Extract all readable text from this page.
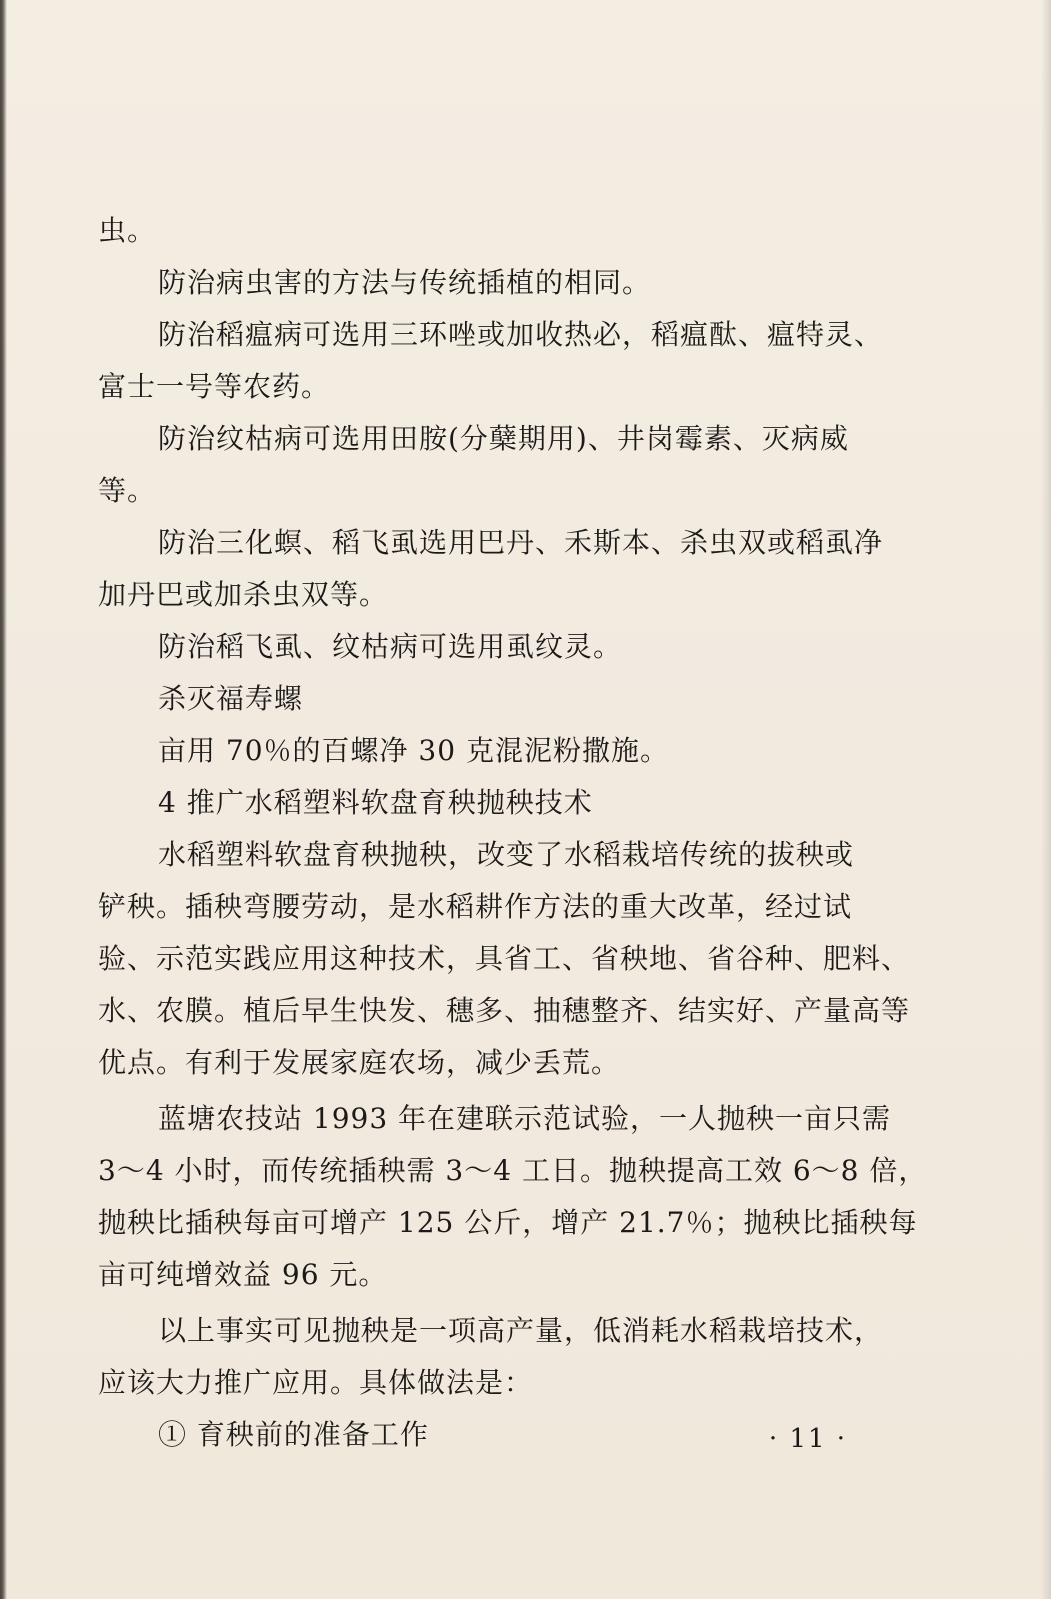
虫。
防治病虫害的方法与传统插植的相同。
防治稻瘟病可选用三环唑或加收热必，稻瘟酞、瘟特灵、
富士一号等农药。
防治纹枯病可选用田胺(分蘖期用)、井岗霉素、灭病威
等。
防治三化螟、稻飞虱选用巴丹、禾斯本、杀虫双或稻虱净
加丹巴或加杀虫双等。
防治稻飞虱、纹枯病可选用虱纹灵。
杀灭福寿螺
亩用 70％的百螺净 30 克混泥粉撒施。
4 推广水稻塑料软盘育秧抛秧技术
水稻塑料软盘育秧抛秧，改变了水稻栽培传统的拔秧或
铲秧。插秧弯腰劳动，是水稻耕作方法的重大改革，经过试
验、示范实践应用这种技术，具省工、省秧地、省谷种、肥料、
水、农膜。植后早生快发、穗多、抽穗整齐、结实好、产量高等
优点。有利于发展家庭农场，减少丢荒。
蓝塘农技站 1993 年在建联示范试验，一人抛秧一亩只需
3～4 小时，而传统插秧需 3～4 工日。抛秧提高工效 6～8 倍，
抛秧比插秧每亩可增产 125 公斤，增产 21.7％；抛秧比插秧每
亩可纯增效益 96 元。
以上事实可见抛秧是一项高产量，低消耗水稻栽培技术，
应该大力推广应用。具体做法是：
① 育秧前的准备工作	· 11 ·
